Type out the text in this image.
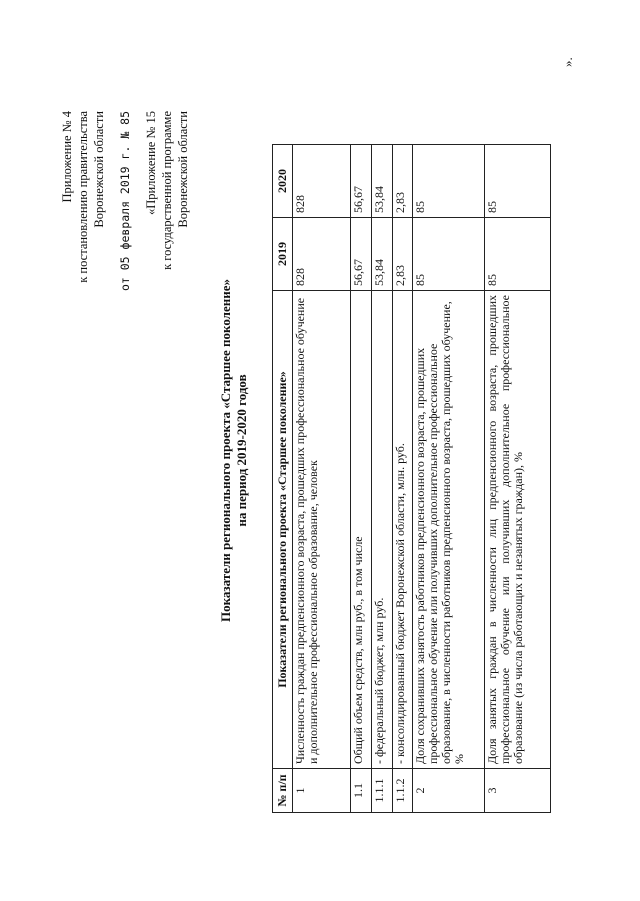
Приложение № 4 к постановлению правительства Воронежской области от 05 февраля 2019 г. № 85 «Приложение № 15 к государственной программе Воронежской области
Показатели регионального проекта «Старшее поколение» на период 2019-2020 годов
№ п/п	Показатели регионального проекта «Старшее поколение»	2019	2020
1	Численность граждан предпенсионного возраста, прошедших профессиональное обучение и дополнительное профессиональное образование, человек	828	828
1.1	Общий объем средств, млн руб., в том числе	56,67	56,67
1.1.1	- федеральный бюджет, млн руб.	53,84	53,84
1.1.2	- консолидированный бюджет Воронежской области, млн. руб.	2,83	2,83
2	Доля сохранивших занятость работников предпенсионного возраста, прошедших профессиональное обучение или получивших дополнительное профессиональное образование, в численности работников предпенсионного возраста, прошедших обучение, %	85	85
3	Доля занятых граждан в численности лиц предпенсионного возраста, прошедших профессиональное обучение или получивших дополнительное профессиональное образование (из числа работающих и незанятых граждан), %	85	85
».
